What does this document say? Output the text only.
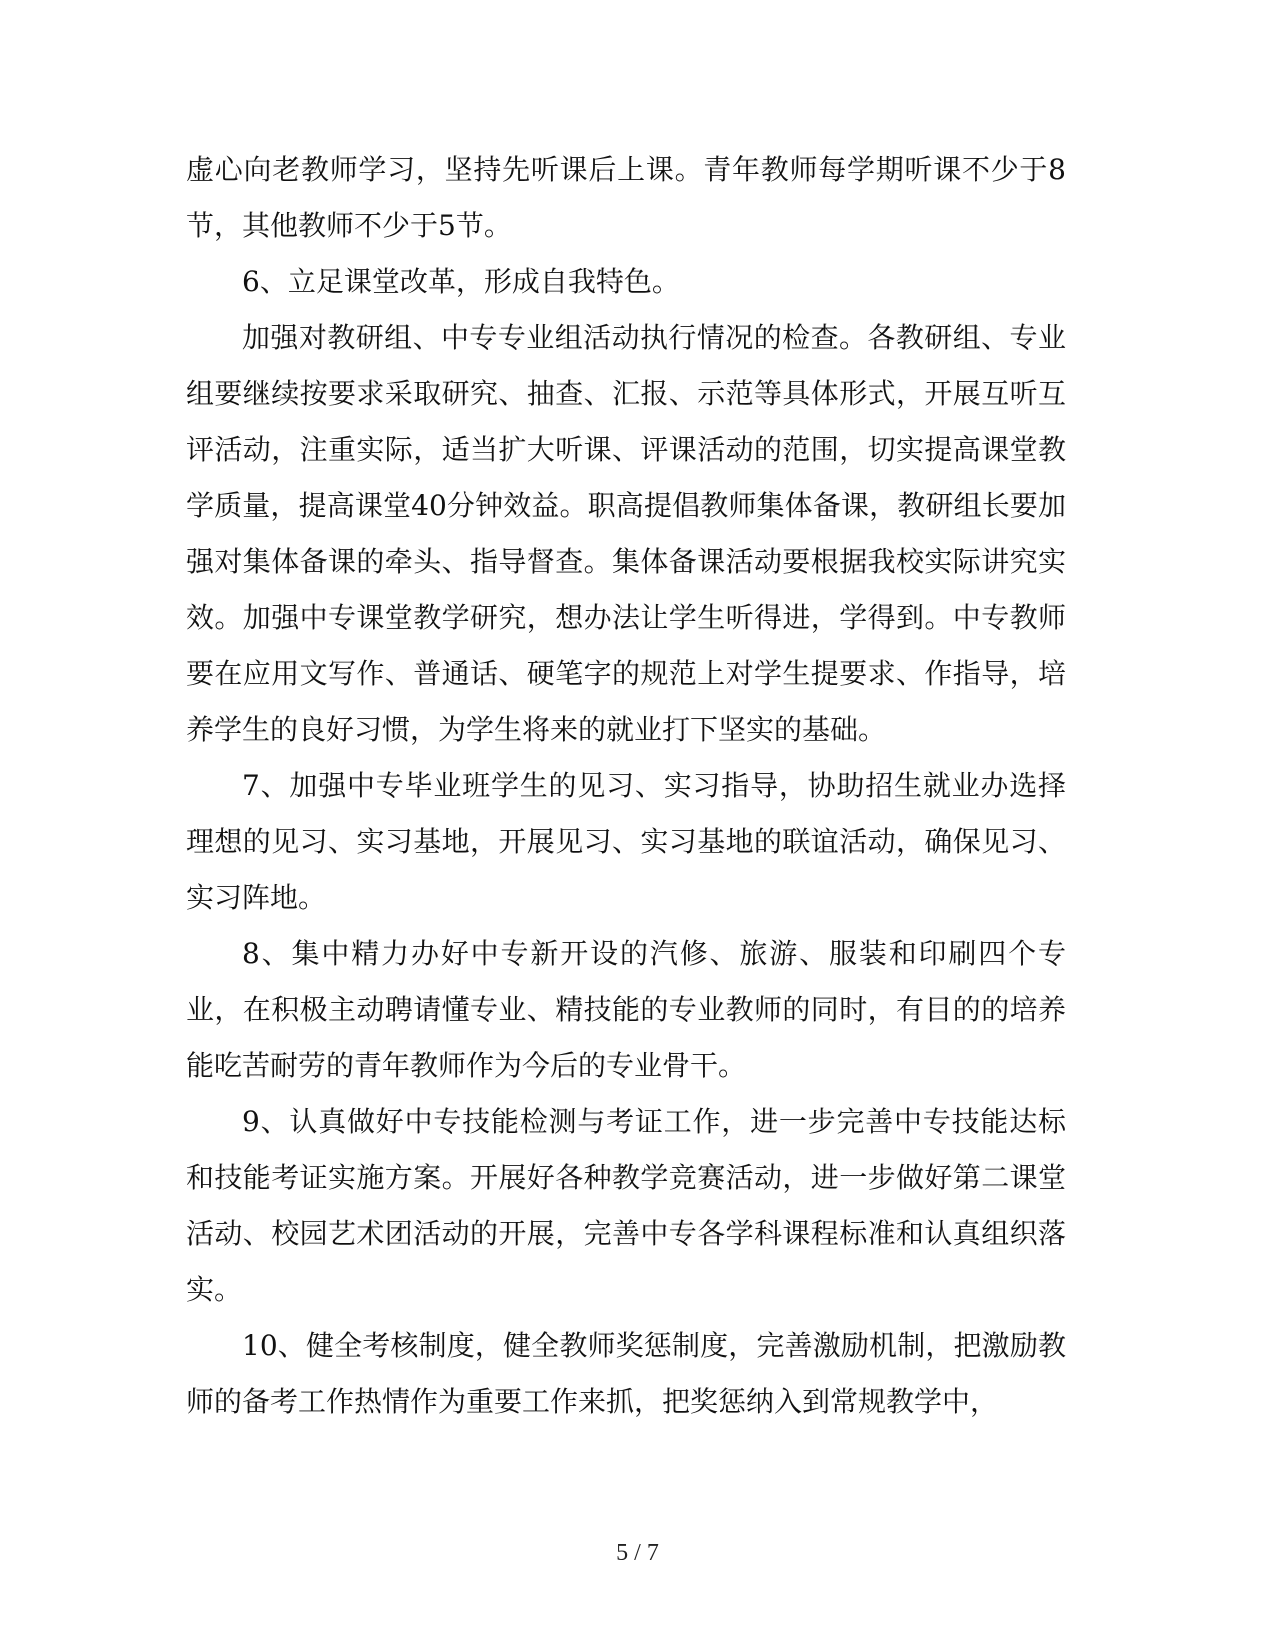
虚心向老教师学习，坚持先听课后上课。青年教师每学期听课不少于8节，其他教师不少于5节。

6、立足课堂改革，形成自我特色。

加强对教研组、中专专业组活动执行情况的检查。各教研组、专业组要继续按要求采取研究、抽查、汇报、示范等具体形式，开展互听互评活动，注重实际，适当扩大听课、评课活动的范围，切实提高课堂教学质量，提高课堂40分钟效益。职高提倡教师集体备课，教研组长要加强对集体备课的牵头、指导督查。集体备课活动要根据我校实际讲究实效。加强中专课堂教学研究，想办法让学生听得进，学得到。中专教师要在应用文写作、普通话、硬笔字的规范上对学生提要求、作指导，培养学生的良好习惯，为学生将来的就业打下坚实的基础。

7、加强中专毕业班学生的见习、实习指导，协助招生就业办选择理想的见习、实习基地，开展见习、实习基地的联谊活动，确保见习、实习阵地。

8、集中精力办好中专新开设的汽修、旅游、服装和印刷四个专业，在积极主动聘请懂专业、精技能的专业教师的同时，有目的的培养能吃苦耐劳的青年教师作为今后的专业骨干。

9、认真做好中专技能检测与考证工作，进一步完善中专技能达标和技能考证实施方案。开展好各种教学竞赛活动，进一步做好第二课堂活动、校园艺术团活动的开展，完善中专各学科课程标准和认真组织落实。

10、健全考核制度，健全教师奖惩制度，完善激励机制，把激励教师的备考工作热情作为重要工作来抓，把奖惩纳入到常规教学中，

5 / 7
